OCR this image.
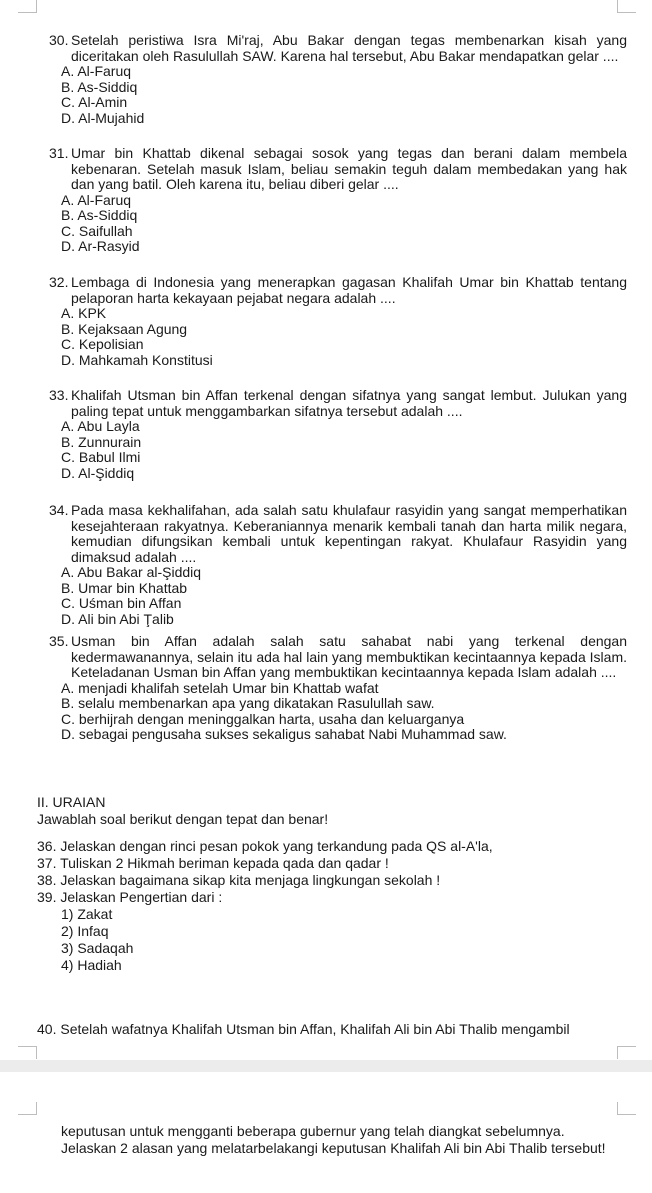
30. Setelah peristiwa Isra Mi'raj, Abu Bakar dengan tegas membenarkan kisah yang diceritakan oleh Rasulullah SAW. Karena hal tersebut, Abu Bakar mendapatkan gelar ....
A. Al-Faruq
B. As-Siddiq
C. Al-Amin
D. Al-Mujahid
31. Umar bin Khattab dikenal sebagai sosok yang tegas dan berani dalam membela kebenaran. Setelah masuk Islam, beliau semakin teguh dalam membedakan yang hak dan yang batil. Oleh karena itu, beliau diberi gelar ....
A. Al-Faruq
B. As-Siddiq
C. Saifullah
D. Ar-Rasyid
32. Lembaga di Indonesia yang menerapkan gagasan Khalifah Umar bin Khattab tentang pelaporan harta kekayaan pejabat negara adalah ....
A. KPK
B. Kejaksaan Agung
C. Kepolisian
D. Mahkamah Konstitusi
33. Khalifah Utsman bin Affan terkenal dengan sifatnya yang sangat lembut. Julukan yang paling tepat untuk menggambarkan sifatnya tersebut adalah ....
A. Abu Layla
B. Zunnurain
C. Babul Ilmi
D. Al-Şiddiq
34. Pada masa kekhalifahan, ada salah satu khulafaur rasyidin yang sangat memperhatikan kesejahteraan rakyatnya. Keberaniannya menarik kembali tanah dan harta milik negara, kemudian difungsikan kembali untuk kepentingan rakyat. Khulafaur Rasyidin yang dimaksud adalah ....
A. Abu Bakar al-Şiddiq
B. Umar bin Khattab
C. Uśman bin Affan
D. Ali bin Abi Ţalib
35. Usman bin Affan adalah salah satu sahabat nabi yang terkenal dengan kedermawanannya, selain itu ada hal lain yang membuktikan kecintaannya kepada Islam. Keteladanan Usman bin Affan yang membuktikan kecintaannya kepada Islam adalah ....
A. menjadi khalifah setelah Umar bin Khattab wafat
B. selalu membenarkan apa yang dikatakan Rasulullah saw.
C. berhijrah dengan meninggalkan harta, usaha dan keluarganya
D. sebagai pengusaha sukses sekaligus sahabat Nabi Muhammad saw.
II. URAIAN
Jawablah soal berikut dengan tepat dan benar!
36. Jelaskan dengan rinci pesan pokok yang terkandung pada QS al-A'la,
37. Tuliskan 2 Hikmah beriman kepada qada dan qadar !
38. Jelaskan bagaimana sikap kita menjaga lingkungan sekolah !
39. Jelaskan Pengertian dari :
1) Zakat
2) Infaq
3) Sadaqah
4) Hadiah
40. Setelah wafatnya Khalifah Utsman bin Affan, Khalifah Ali bin Abi Thalib mengambil
keputusan untuk mengganti beberapa gubernur yang telah diangkat sebelumnya.
Jelaskan 2 alasan yang melatarbelakangi keputusan Khalifah Ali bin Abi Thalib tersebut!
